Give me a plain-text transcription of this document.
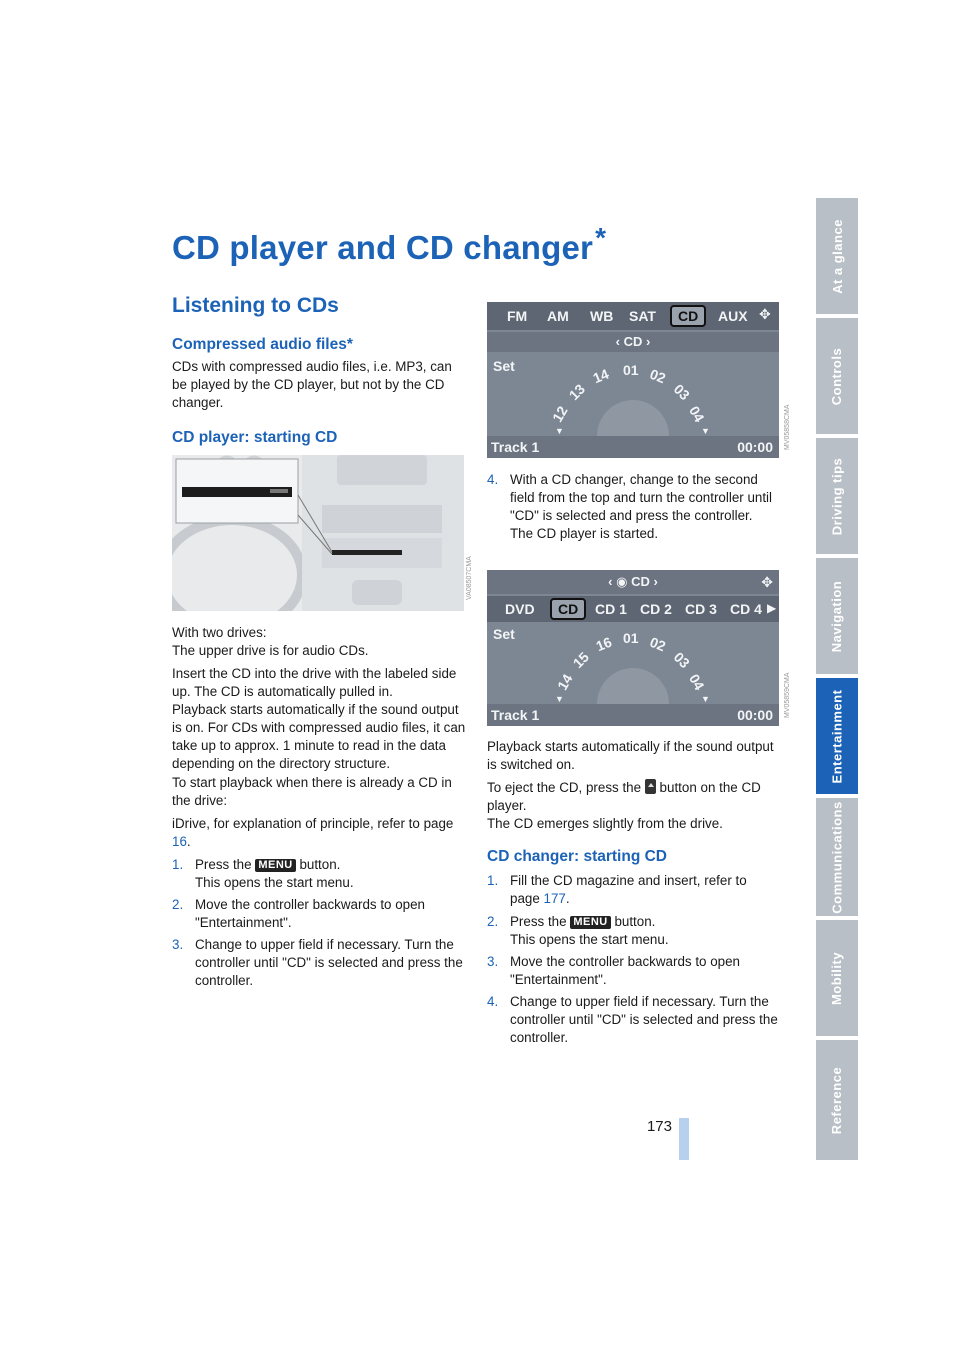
At a glance
Controls
Driving tips
Navigation
Entertainment
Communications
Mobility
Reference
CD player and CD changer*
Listening to CDs
Compressed audio files*

CDs with compressed audio files, i.e. MP3, can be played by the CD player, but not by the CD changer.

CD player: starting CD
VA08507CMA

With two drives:
The upper drive is for audio CDs.

Insert the CD into the drive with the labeled side up. The CD is automatically pulled in.

Playback starts automatically if the sound output is on. For CDs with compressed audio files, it can take up to approx. 1 minute to read in the data depending on the directory structure.

To start playback when there is already a CD in the drive:

iDrive, for explanation of principle, refer to page 16.

1. Press the MENU button.
This opens the start menu.
2. Move the controller backwards to open "Entertainment".
3. Change to upper field if necessary. Turn the controller until "CD" is selected and press the controller.
FM AM WB SAT	CD	AUX ✥
‹ CD ›
Set
12
13
14 01 02
03
04
▼	▼
Track 1	00:00 MV05858CMA
4. With a CD changer, change to the second field from the top and turn the controller until "CD" is selected and press the controller.
The CD player is started.
‹ ◉ CD ›	✥
DVD	CD	CD 1 CD 2 CD 3 CD 4 ▶
Set
14
15
16 01 02
03
04
▼	▼
Track 1	00:00 MV05859CMA

Playback starts automatically if the sound output is switched on.

To eject the CD, press the button on the CD player.
The CD emerges slightly from the drive.

CD changer: starting CD
1. Fill the CD magazine and insert, refer to page 177.
2. Press the MENU button.
This opens the start menu.
3. Move the controller backwards to open "Entertainment".
4. Change to upper field if necessary. Turn the controller until "CD" is selected and press the controller.
173
